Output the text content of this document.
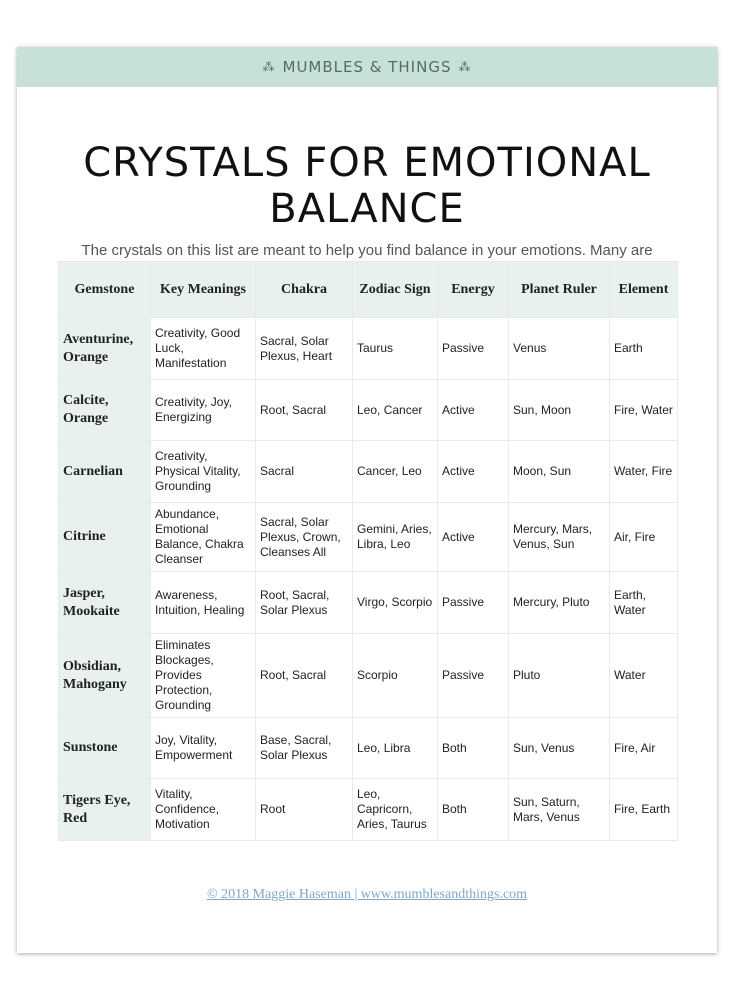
⁂ MUMBLES & THINGS ⁂
CRYSTALS FOR EMOTIONAL BALANCE
The crystals on this list are meant to help you find balance in your emotions. Many are
Gemstone	Key Meanings	Chakra	Zodiac Sign	Energy	Planet Ruler	Element
Aventurine, Orange	Creativity, Good Luck, Manifestation	Sacral, Solar Plexus, Heart	Taurus	Passive	Venus	Earth
Calcite, Orange	Creativity, Joy, Energizing	Root, Sacral	Leo, Cancer	Active	Sun, Moon	Fire, Water
Carnelian	Creativity, Physical Vitality, Grounding	Sacral	Cancer, Leo	Active	Moon, Sun	Water, Fire
Citrine	Abundance, Emotional Balance, Chakra Cleanser	Sacral, Solar Plexus, Crown, Cleanses All	Gemini, Aries, Libra, Leo	Active	Mercury, Mars, Venus, Sun	Air, Fire
Jasper, Mookaite	Awareness, Intuition, Healing	Root, Sacral, Solar Plexus	Virgo, Scorpio	Passive	Mercury, Pluto	Earth, Water
Obsidian, Mahogany	Eliminates Blockages, Provides Protection, Grounding	Root, Sacral	Scorpio	Passive	Pluto	Water
Sunstone	Joy, Vitality, Empowerment	Base, Sacral, Solar Plexus	Leo, Libra	Both	Sun, Venus	Fire, Air
Tigers Eye, Red	Vitality, Confidence, Motivation	Root	Leo, Capricorn, Aries, Taurus	Both	Sun, Saturn, Mars, Venus	Fire, Earth
© 2018 Maggie Haseman | www.mumblesandthings.com
